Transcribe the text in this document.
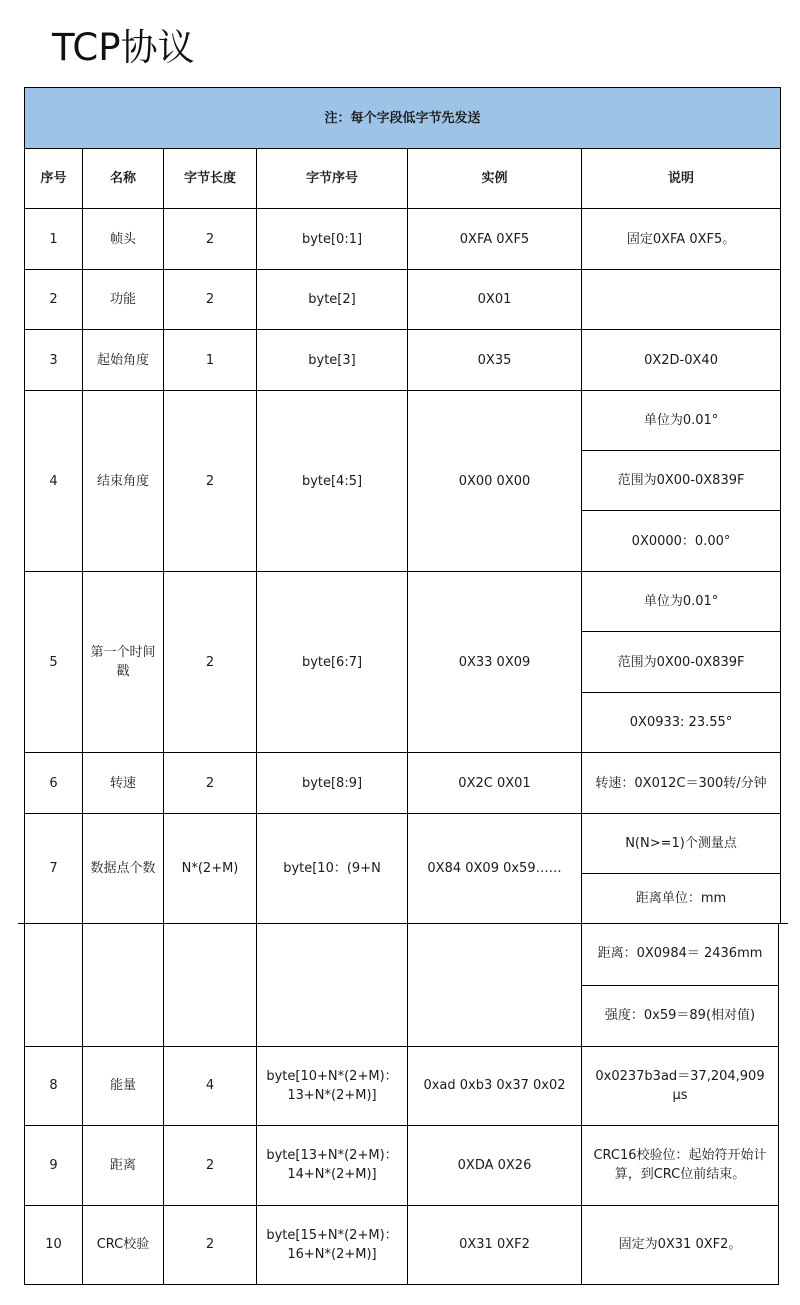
TCP协议
注：每个字段低字节先发送					
序号	名称	字节长度	字节序号	实例	说明
1	帧头	2	byte[0:1]	0XFA 0XF5	固定0XFA 0XF5。
2	功能	2	byte[2]	0X01	
3	起始角度	1	byte[3]	0X35	0X2D-0X40
4	结束角度	2	byte[4:5]	0X00 0X00	单位为0.01°
					范围为0X00-0X839F
					0X0000：0.00°
5	第一个时间戳	2	byte[6:7]	0X33 0X09	单位为0.01°
					范围为0X00-0X839F
					0X0933: 23.55°
6	转速	2	byte[8:9]	0X2C 0X01	转速：0X012C＝300转/分钟
7	数据点个数	N*(2+M)	byte[10：(9+N	0X84 0X09 0x59……	N(N>=1)个测量点
					距离单位：mm
					距离：0X0984＝ 2436mm
					强度：0x59＝89(相对值)
8	能量	4	byte[10+N*(2+M)：13+N*(2+M)]	0xad 0xb3 0x37 0x02	0x0237b3ad＝37,204,909 μs
9	距离	2	byte[13+N*(2+M)：14+N*(2+M)]	0XDA 0X26	CRC16校验位：起始符开始计算，到CRC位前结束。
10	CRC校验	2	byte[15+N*(2+M)：16+N*(2+M)]	0X31 0XF2	固定为0X31 0XF2。
